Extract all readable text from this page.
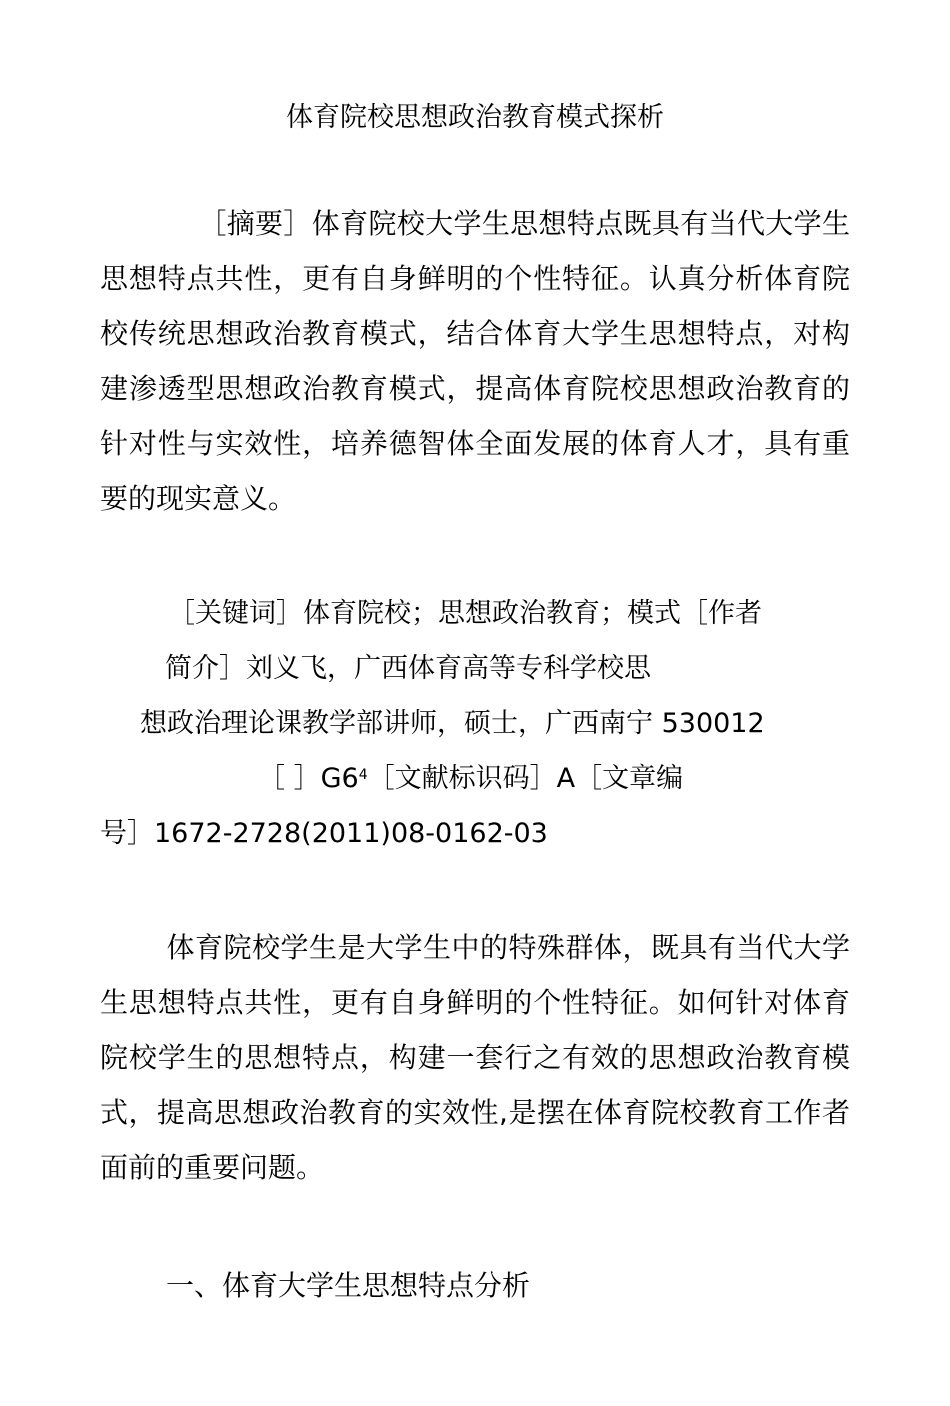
体育院校思想政治教育模式探析
［摘要］体育院校大学生思想特点既具有当代大学生思想特点共性，更有自身鲜明的个性特征。认真分析体育院校传统思想政治教育模式，结合体育大学生思想特点，对构建渗透型思想政治教育模式，提高体育院校思想政治教育的针对性与实效性，培养德智体全面发展的体育人才，具有重要的现实意义。
［关键词］体育院校；思想政治教育；模式［作者
简介］刘义飞，广西体育高等专科学校思
想政治理论课教学部讲师，硕士，广西南宁 530012
［ $]G6^4[$文献标识码］A［文章编
号］1672-2728(2011)08-0162-03
体育院校学生是大学生中的特殊群体，既具有当代大学生思想特点共性，更有自身鲜明的个性特征。如何针对体育院校学生的思想特点，构建一套行之有效的思想政治教育模式，提高思想政治教育的实效性,是摆在体育院校教育工作者面前的重要问题。
一、体育大学生思想特点分析
